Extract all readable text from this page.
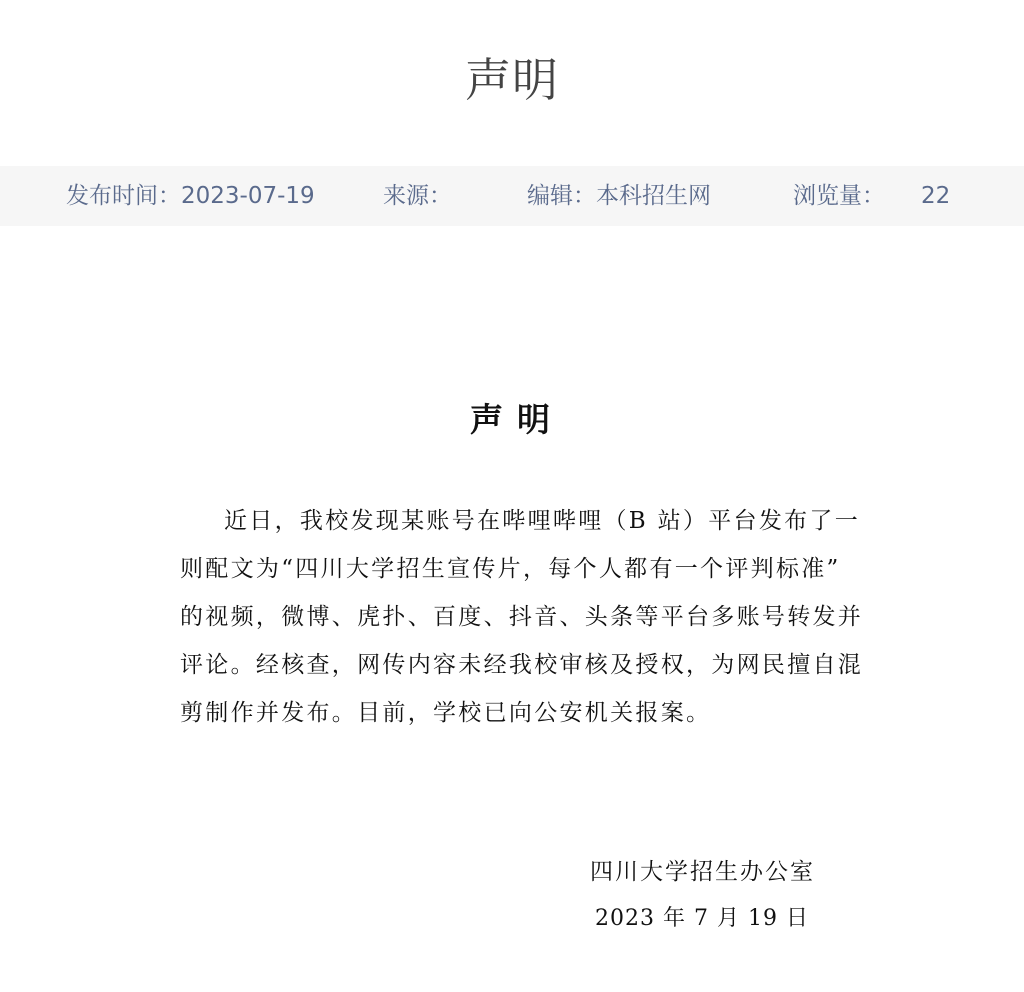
声明
发布时间：2023-07-19	来源：	编辑：本科招生网	浏览量： 22
声明
近日，我校发现某账号在哔哩哔哩（B 站）平台发布了一
则配文为“四川大学招生宣传片，每个人都有一个评判标准”
的视频，微博、虎扑、百度、抖音、头条等平台多账号转发并
评论。经核查，网传内容未经我校审核及授权，为网民擅自混
剪制作并发布。目前，学校已向公安机关报案。
四川大学招生办公室
2023 年 7 月 19 日
